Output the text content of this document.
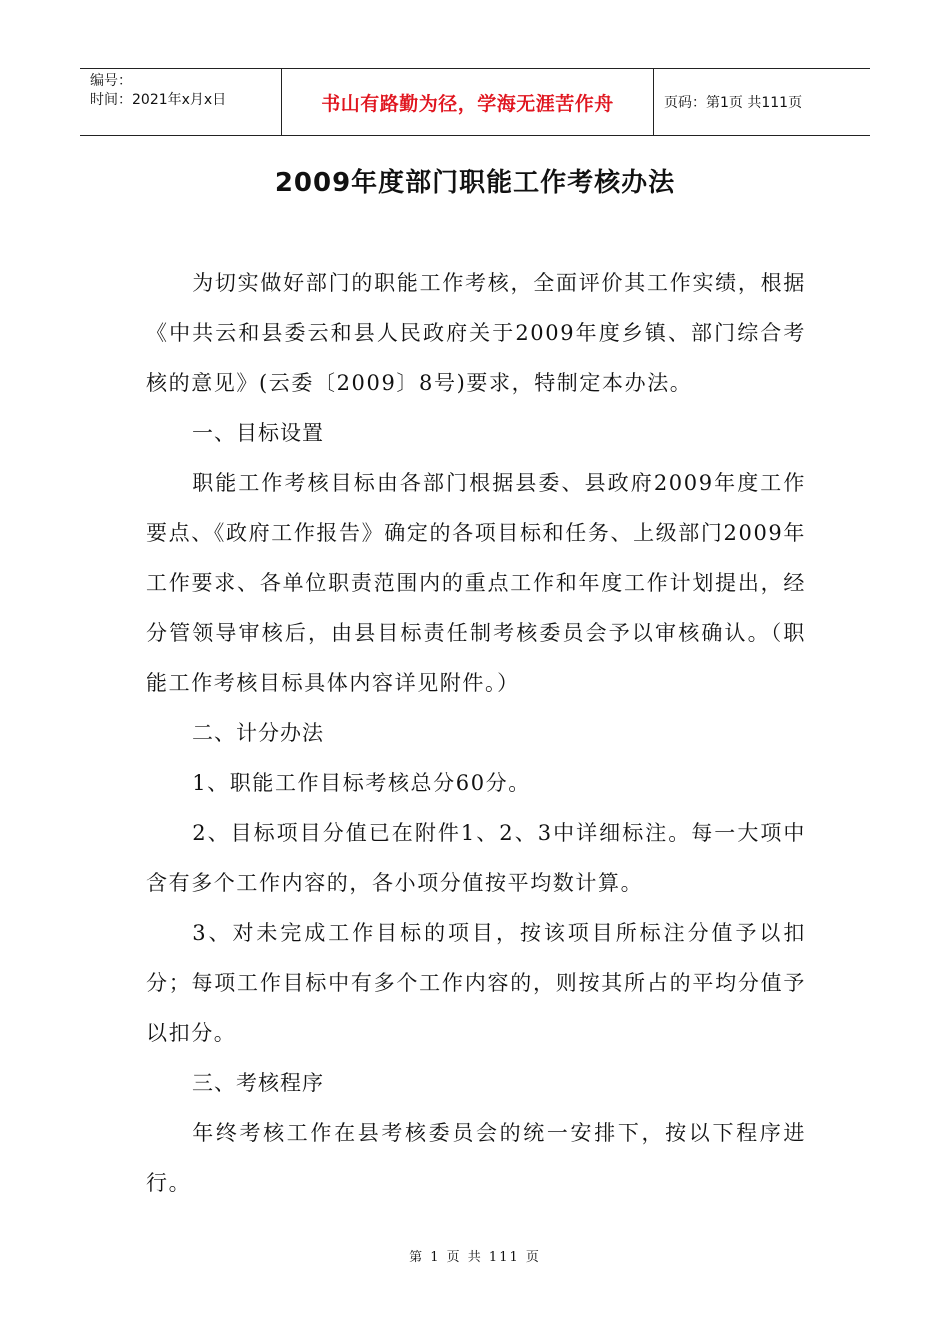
编号：
时间：2021年x月x日	书山有路勤为径，学海无涯苦作舟	页码：第1页 共111页
2009年度部门职能工作考核办法

为切实做好部门的职能工作考核，全面评价其工作实绩，根据《中共云和县委云和县人民政府关于2009年度乡镇、部门综合考核的意见》(云委〔2009〕8号)要求，特制定本办法。

一、目标设置

职能工作考核目标由各部门根据县委、县政府2009年度工作要点、《政府工作报告》确定的各项目标和任务、上级部门2009年工作要求、各单位职责范围内的重点工作和年度工作计划提出，经分管领导审核后，由县目标责任制考核委员会予以审核确认。（职能工作考核目标具体内容详见附件。）

二、计分办法

1、职能工作目标考核总分60分。

2、目标项目分值已在附件1、2、3中详细标注。每一大项中含有多个工作内容的，各小项分值按平均数计算。

3、对未完成工作目标的项目，按该项目所标注分值予以扣分；每项工作目标中有多个工作内容的，则按其所占的平均分值予以扣分。

三、考核程序

年终考核工作在县考核委员会的统一安排下，按以下程序进行。

第 1 页 共 111 页
